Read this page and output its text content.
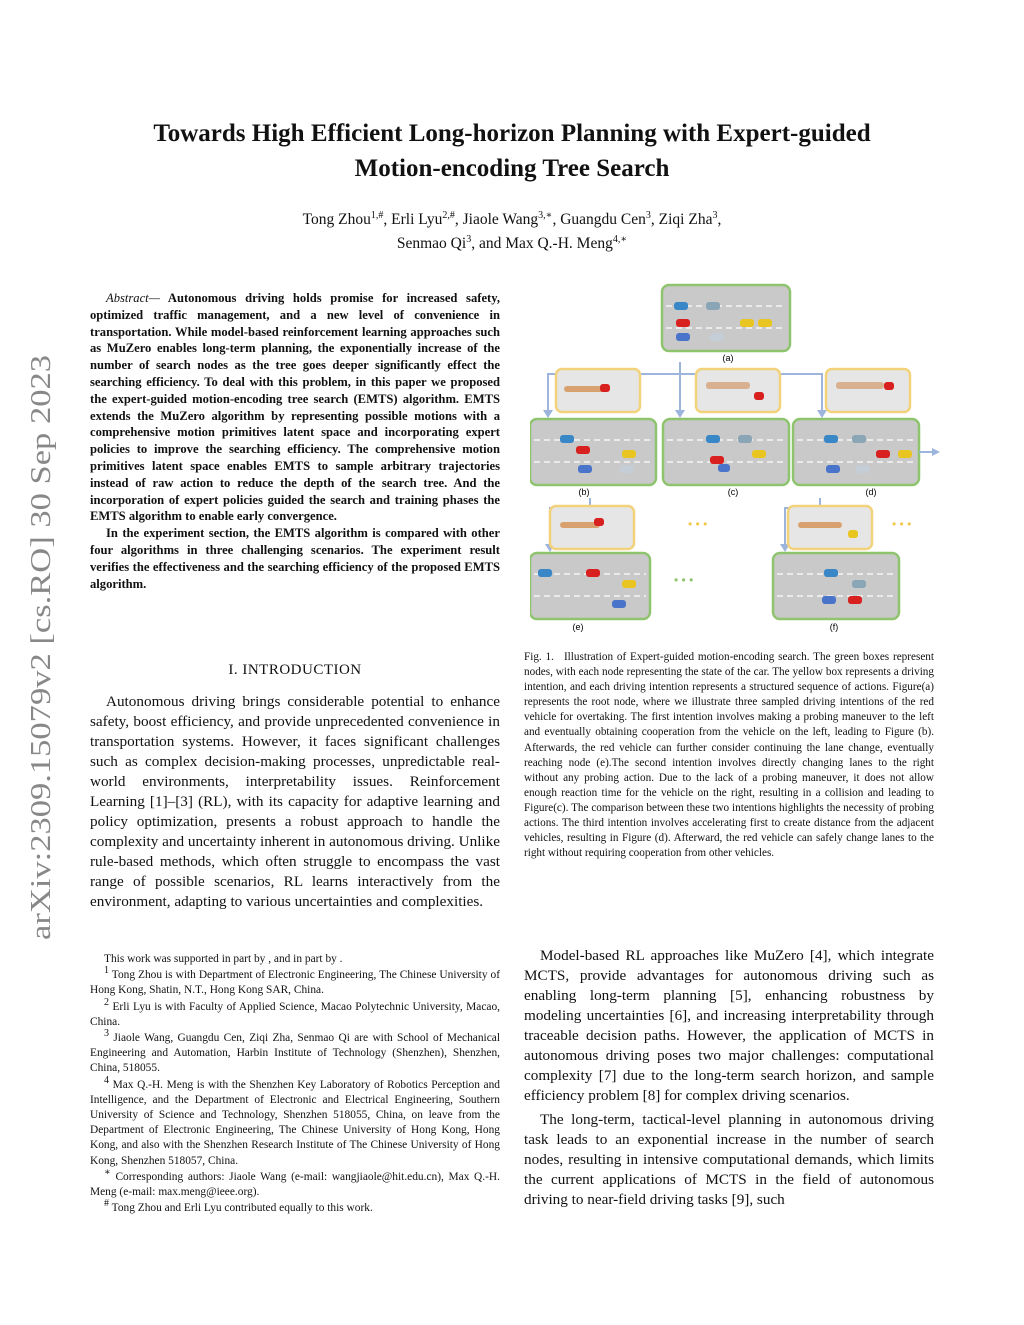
arXiv:2309.15079v2 [cs.RO] 30 Sep 2023
Towards High Efficient Long-horizon Planning with Expert-guided
Motion-encoding Tree Search
Tong Zhou$^{1,\#}$, Erli Lyu$^{2,\#}$, Jiaole Wang$^{3,∗}$, Guangdu Cen$^3$, Ziqi Zha$^3$,
Senmao Qi$^3$, and Max Q.-H. Meng$^{4,∗}$

Abstract— Autonomous driving holds promise for increased safety, optimized traffic management, and a new level of convenience in transportation. While model-based reinforcement learning approaches such as MuZero enables long-term planning, the exponentially increase of the number of search nodes as the tree goes deeper significantly effect the searching efficiency. To deal with this problem, in this paper we proposed the expert-guided motion-encoding tree search (EMTS) algorithm. EMTS extends the MuZero algorithm by representing possible motions with a comprehensive motion primitives latent space and incorporating expert policies to improve the searching efficiency. The comprehensive motion primitives latent space enables EMTS to sample arbitrary trajectories instead of raw action to reduce the depth of the search tree. And the incorporation of expert policies guided the search and training phases the EMTS algorithm to enable early convergence.

In the experiment section, the EMTS algorithm is compared with other four algorithms in three challenging scenarios. The experiment result verifies the effectiveness and the searching efficiency of the proposed EMTS algorithm.

I. INTRODUCTION

Autonomous driving brings considerable potential to enhance safety, boost efficiency, and provide unprecedented convenience in transportation systems. However, it faces significant challenges such as complex decision-making processes, unpredictable real-world environments, interpretability issues. Reinforcement Learning [1]–[3] (RL), with its capacity for adaptive learning and policy optimization, presents a robust approach to handle the complexity and uncertainty inherent in autonomous driving. Unlike rule-based methods, which often struggle to encompass the vast range of possible scenarios, RL learns interactively from the environment, adapting to various uncertainties and complexities.

This work was supported in part by , and in part by .

$^1$ Tong Zhou is with Department of Electronic Engineering, The Chinese University of Hong Kong, Shatin, N.T., Hong Kong SAR, China.

$^2$ Erli Lyu is with Faculty of Applied Science, Macao Polytechnic University, Macao, China.

$^3$ Jiaole Wang, Guangdu Cen, Ziqi Zha, Senmao Qi are with School of Mechanical Engineering and Automation, Harbin Institute of Technology (Shenzhen), Shenzhen, China, 518055.

$^4$ Max Q.-H. Meng is with the Shenzhen Key Laboratory of Robotics Perception and Intelligence, and the Department of Electronic and Electrical Engineering, Southern University of Science and Technology, Shenzhen 518055, China, on leave from the Department of Electronic Engineering, The Chinese University of Hong Kong, Hong Kong, and also with the Shenzhen Research Institute of The Chinese University of Hong Kong, Shenzhen 518057, China.

∗ Corresponding authors: Jiaole Wang (e-mail: wangjiaole@hit.edu.cn), Max Q.-H. Meng (e-mail: max.meng@ieee.org).

# Tong Zhou and Erli Lyu contributed equally to this work.

(a)
(b)	(c)	(d)
• • •	• • •
(e)
• • •
(f)
Fig. 1. Illustration of Expert-guided motion-encoding search. The green boxes represent nodes, with each node representing the state of the car. The yellow box represents a driving intention, and each driving intention represents a structured sequence of actions. Figure(a) represents the root node, where we illustrate three sampled driving intentions of the red vehicle for overtaking. The first intention involves making a probing maneuver to the left and eventually obtaining cooperation from the vehicle on the left, leading to Figure (b). Afterwards, the red vehicle can further consider continuing the lane change, eventually reaching node (e).The second intention involves directly changing lanes to the right without any probing action. Due to the lack of a probing maneuver, it does not allow enough reaction time for the vehicle on the right, resulting in a collision and leading to Figure(c). The comparison between these two intentions highlights the necessity of probing actions. The third intention involves accelerating first to create distance from the adjacent vehicles, resulting in Figure (d). Afterward, the red vehicle can safely change lanes to the right without requiring cooperation from other vehicles.

Model-based RL approaches like MuZero [4], which integrate MCTS, provide advantages for autonomous driving such as enabling long-term planning [5], enhancing robustness by modeling uncertainties [6], and increasing interpretability through traceable decision paths. However, the application of MCTS in autonomous driving poses two major challenges: computational complexity [7] due to the long-term search horizon, and sample efficiency problem [8] for complex driving scenarios.

The long-term, tactical-level planning in autonomous driving task leads to an exponential increase in the number of search nodes, resulting in intensive computational demands, which limits the current applications of MCTS in the field of autonomous driving to near-field driving tasks [9], such
